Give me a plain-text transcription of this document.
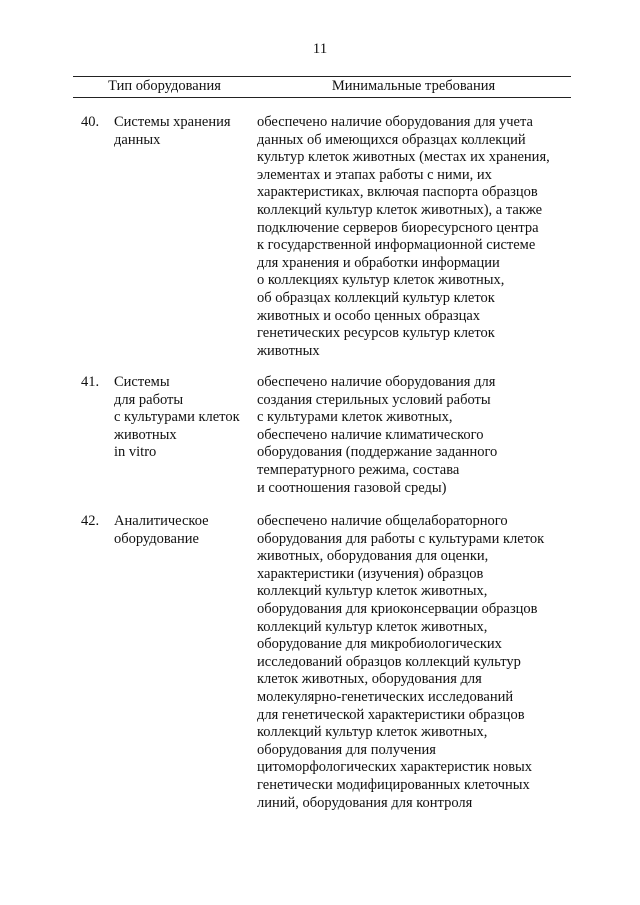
11
Тип оборудования	Минимальные требования
40. Системы хранения
данных
обеспечено наличие оборудования для учета
данных об имеющихся образцах коллекций
культур клеток животных (местах их хранения,
элементах и этапах работы с ними, их
характеристиках, включая паспорта образцов
коллекций культур клеток животных), а также
подключение серверов биоресурсного центра
к государственной информационной системе
для хранения и обработки информации
о коллекциях культур клеток животных,
об образцах коллекций культур клеток
животных и особо ценных образцах
генетических ресурсов культур клеток
животных
41. Системы
для работы
с культурами клеток
животных
in vitro
обеспечено наличие оборудования для
создания стерильных условий работы
с культурами клеток животных,
обеспечено наличие климатического
оборудования (поддержание заданного
температурного режима, состава
и соотношения газовой среды)
42. Аналитическое
оборудование
обеспечено наличие общелабораторного
оборудования для работы с культурами клеток
животных, оборудования для оценки,
характеристики (изучения) образцов
коллекций культур клеток животных,
оборудования для криоконсервации образцов
коллекций культур клеток животных,
оборудование для микробиологических
исследований образцов коллекций культур
клеток животных, оборудования для
молекулярно-генетических исследований
для генетической характеристики образцов
коллекций культур клеток животных,
оборудования для получения
цитоморфологических характеристик новых
генетически модифицированных клеточных
линий, оборудования для контроля
